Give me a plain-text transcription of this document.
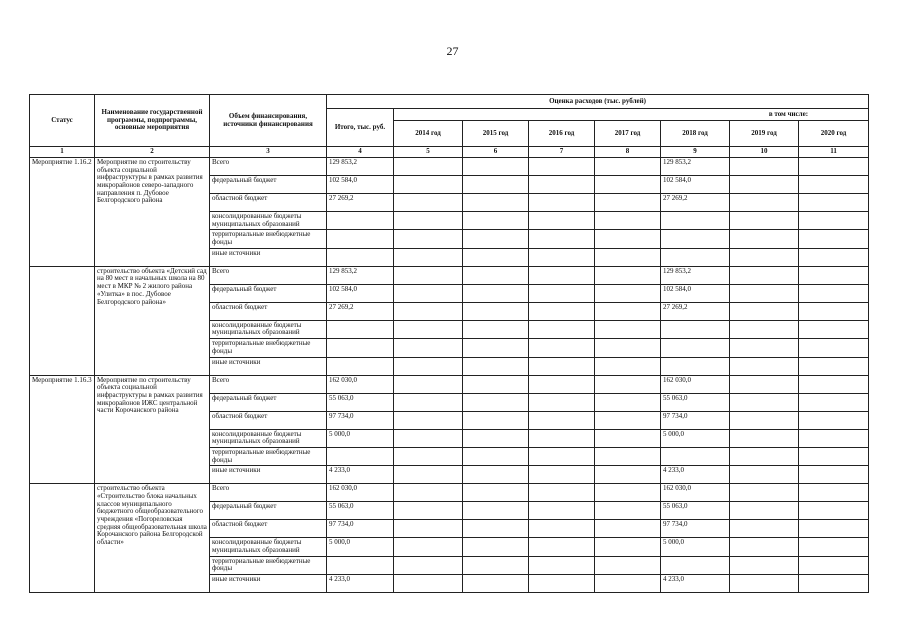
27
Статус	Наименование государственной программы, подпрограммы, основные мероприятия	Объем финансирования, источники финансирования	Оценка расходов (тыс. рублей)							
			Итого, тыс. руб.	в том числе:						
				2014 год	2015 год	2016 год	2017 год	2018 год	2019 год	2020 год
1	2	3	4	5	6	7	8	9	10	11
Мероприятие 1.16.2	Мероприятие по строительству объекта социальной инфраструктуры в рамках развития микрорайонов северо-западного направления п. Дубовое Белгородского района	Всего	129 853,2					129 853,2		
		федеральный бюджет	102 584,0					102 584,0		
		областной бюджет	27 269,2					27 269,2		
		консолидированные бюджеты муниципальных образований								
		территориальные внебюджетные фонды								
		иные источники								
	строительство объекта «Детский сад на 80 мест в начальных школа на 80 мест в МКР № 2 жилого района «Улитка» в пос. Дубовое Белгородского района»	Всего	129 853,2					129 853,2		
		федеральный бюджет	102 584,0					102 584,0		
		областной бюджет	27 269,2					27 269,2		
		консолидированные бюджеты муниципальных образований								
		территориальные внебюджетные фонды								
		иные источники								
Мероприятие 1.16.3	Мероприятие по строительству объекта социальной инфраструктуры в рамках развития микрорайонов ИЖС центральной части Корочанского района	Всего	162 030,0					162 030,0		
		федеральный бюджет	55 063,0					55 063,0		
		областной бюджет	97 734,0					97 734,0		
		консолидированные бюджеты муниципальных образований	5 000,0					5 000,0		
		территориальные внебюджетные фонды								
		иные источники	4 233,0					4 233,0		
	строительство объекта «Строительство блока начальных классов муниципального бюджетного общеобразовательного учреждения «Погореловская средняя общеобразовательная школа Корочанского района Белгородской области»	Всего	162 030,0					162 030,0		
		федеральный бюджет	55 063,0					55 063,0		
		областной бюджет	97 734,0					97 734,0		
		консолидированные бюджеты муниципальных образований	5 000,0					5 000,0		
		территориальные внебюджетные фонды								
		иные источники	4 233,0					4 233,0		
